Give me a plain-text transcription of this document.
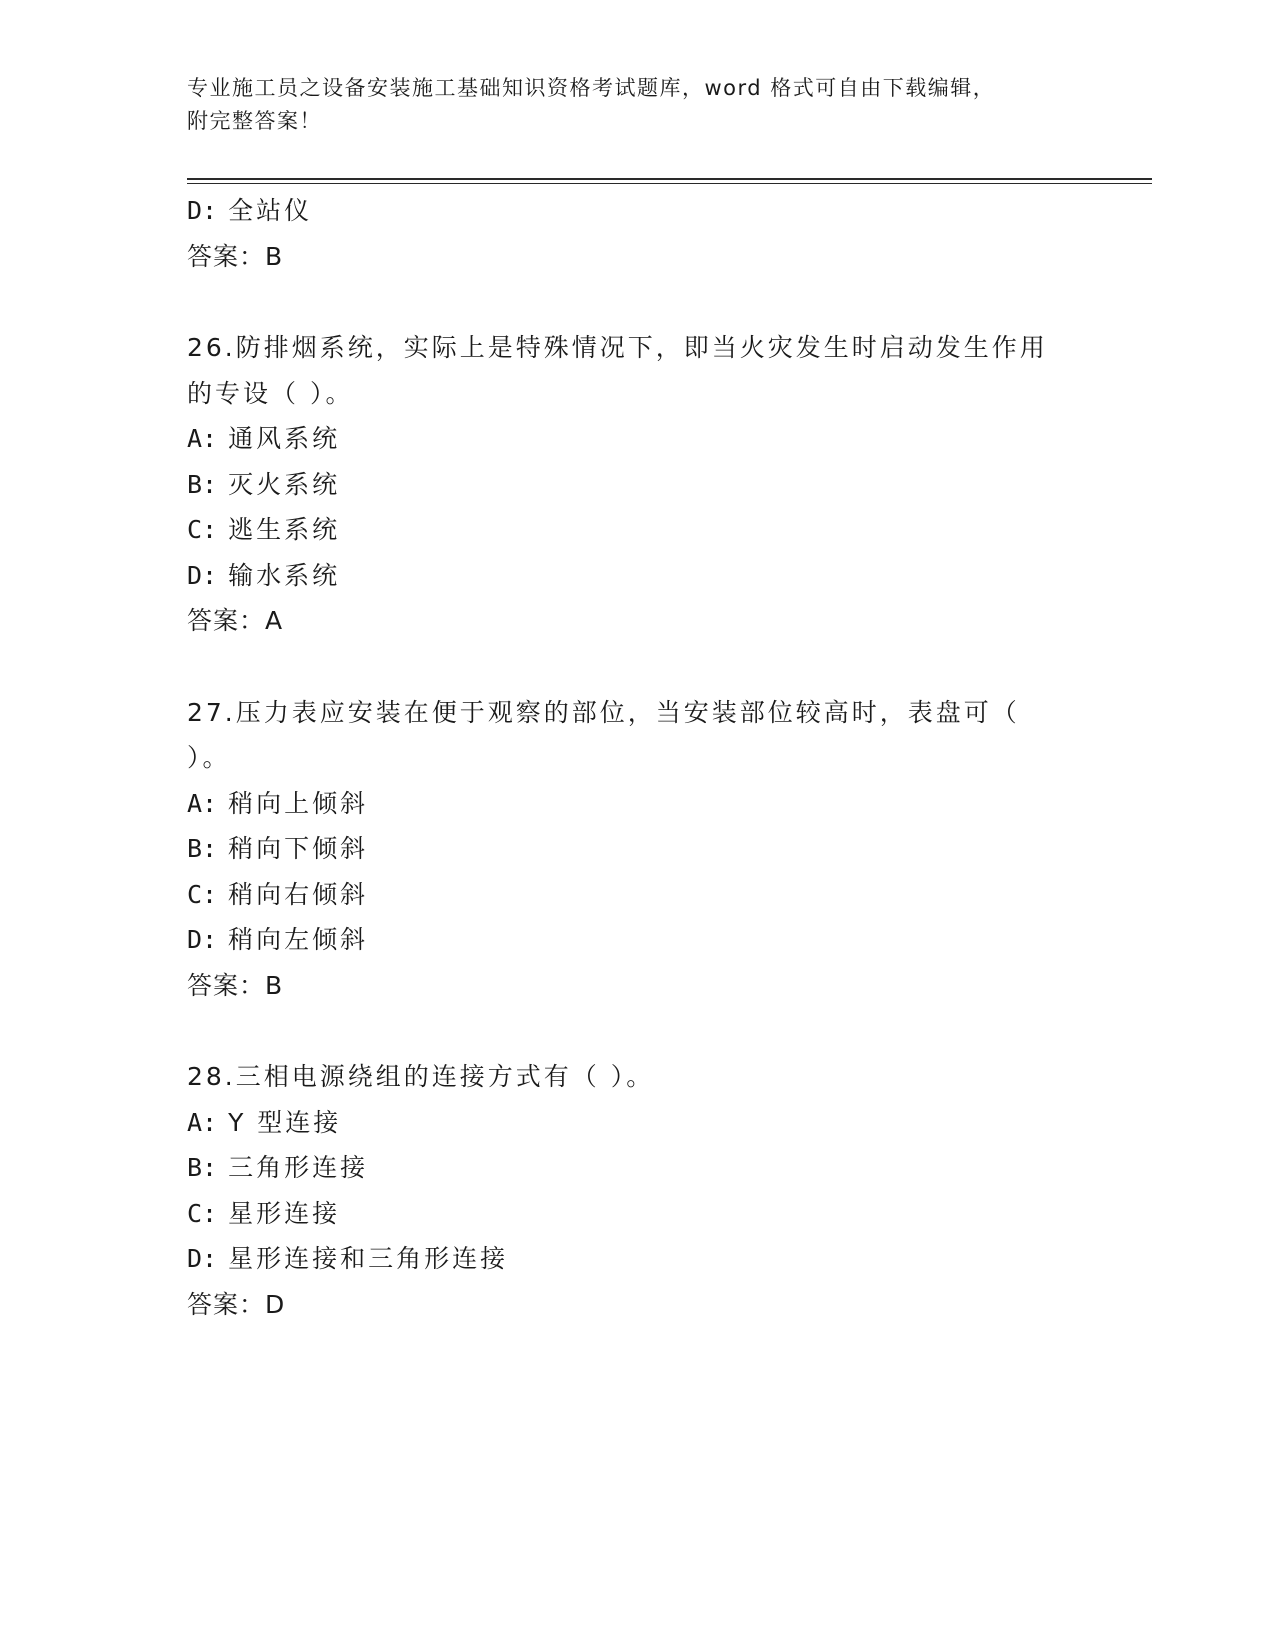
专业施工员之设备安装施工基础知识资格考试题库，word 格式可自由下载编辑，
附完整答案！
D: 全站仪
答案：B
26.防排烟系统，实际上是特殊情况下，即当火灾发生时启动发生作用的专设（ ）。
A: 通风系统
B: 灭火系统
C: 逃生系统
D: 输水系统
答案：A
27.压力表应安装在便于观察的部位，当安装部位较高时，表盘可（ ）。
A: 稍向上倾斜
B: 稍向下倾斜
C: 稍向右倾斜
D: 稍向左倾斜
答案：B
28.三相电源绕组的连接方式有（ ）。
A: Y 型连接
B: 三角形连接
C: 星形连接
D: 星形连接和三角形连接
答案：D
